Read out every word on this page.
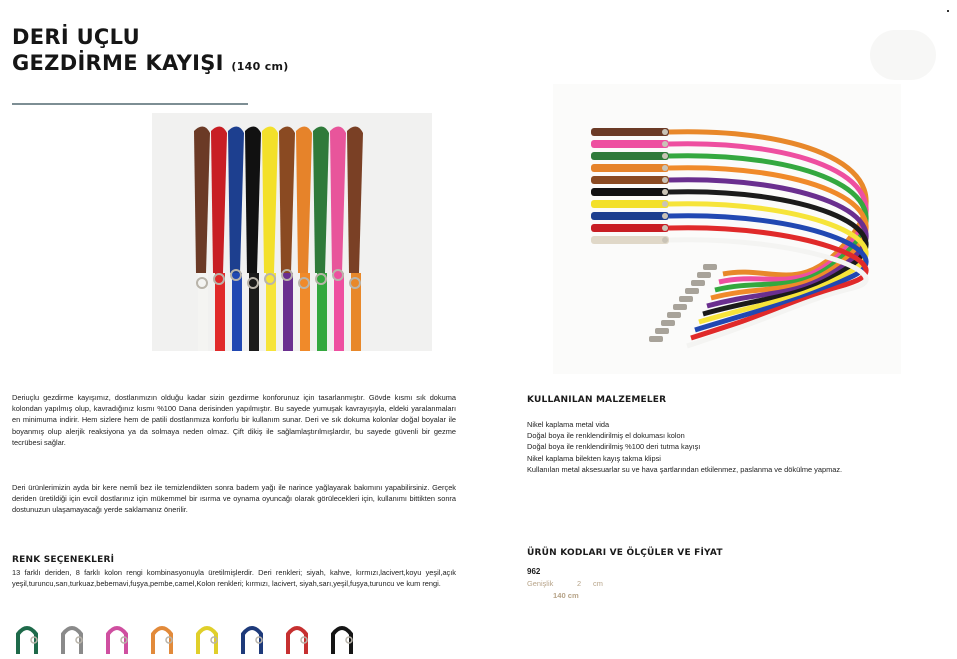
DERİ UÇLU
GEZDİRME KAYIŞI (140 cm)
Deriuçlu gezdirme kayışımız, dostlarımızın olduğu kadar sizin gezdirme konforunuz için tasarlanmıştır. Gövde kısmı sık dokuma kolondan yapılmış olup, kavradığınız kısmı %100 Dana derisinden yapılmıştır. Bu sayede yumuşak kavrayışıyla, eldeki yaralanmaları en minimuma indirir. Hem sizlere hem de patili dostlarımıza konforlu bir kullanım sunar. Deri ve sık dokuma kolonlar doğal boyalar ile boyanmış olup alerjik reaksiyona ya da solmaya neden olmaz. Çift dikiş ile sağlamlaştırılmışlardır, bu sayede güvenli bir gezme tecrübesi sağlar.
Deri ürünlerimizin ayda bir kere nemli bez ile temizlendikten sonra badem yağı ile narince yağlayarak bakımını yapabilirsiniz. Gerçek deriden üretildiği için evcil dostlarınız için mükemmel bir ısırma ve oynama oyuncağı olarak görülecekleri için, kullanımı bittikten sonra dostunuzun ulaşamayacağı yerde saklamanız önerilir.
RENK SEÇENEKLERİ
13 farklı deriden, 8 farklı kolon rengi kombinasyonuyla üretilmişlerdir. Deri renkleri; siyah, kahve, kırmızı,lacivert,koyu yeşil,açık yeşil,turuncu,sarı,turkuaz,bebemavi,fuşya,pembe,camel,Kolon renkleri; kırmızı, lacivert, siyah,sarı,yeşil,fuşya,turuncu ve kum rengi.
KULLANILAN MALZEMELER
Nikel kaplama metal vida
Doğal boya ile renklendirilmiş el dokuması kolon
Doğal boya ile renklendirilmiş %100 deri tutma kayışı
Nikel kaplama bilekten kayış takma klipsi
Kullanılan metal aksesuarlar su ve hava şartlarından etkilenmez, paslanma ve dökülme yapmaz.
ÜRÜN KODLARI VE ÖLÇÜLER VE FİYAT
962
Genişlik	2 cm
140 cm
